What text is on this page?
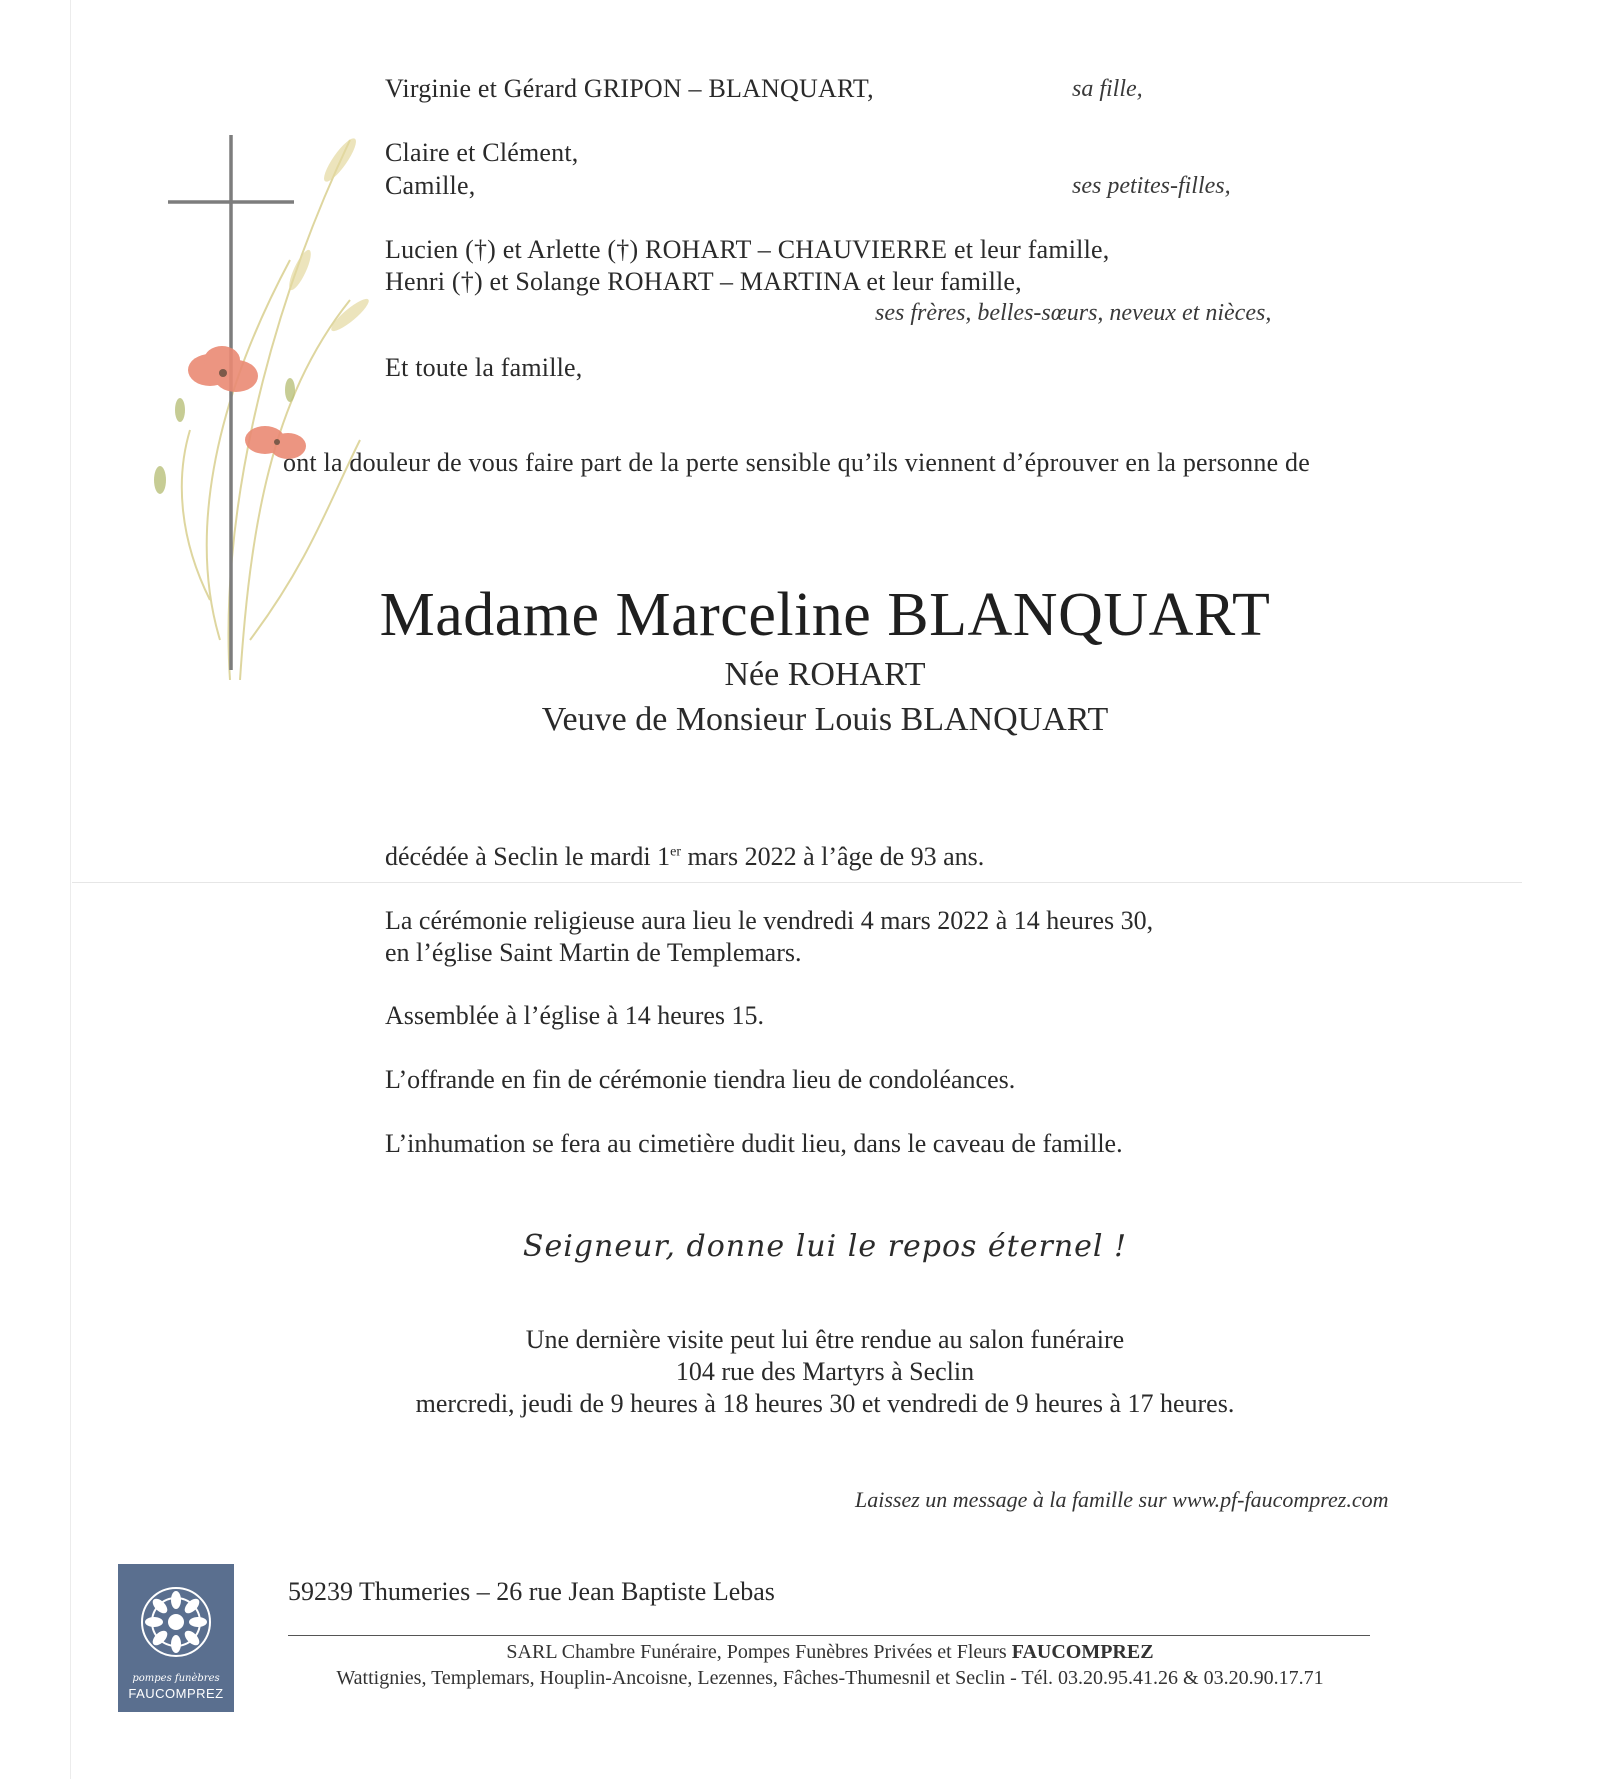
Virginie et Gérard GRIPON – BLANQUART,	sa fille,
Claire et Clément,
Camille,	ses petites-filles,
Lucien (†) et Arlette (†) ROHART – CHAUVIERRE et leur famille,
Henri (†) et Solange ROHART – MARTINA et leur famille,
ses frères, belles-sœurs, neveux et nièces,
Et toute la famille,
ont la douleur de vous faire part de la perte sensible qu’ils viennent d’éprouver en la personne de
Madame Marceline BLANQUART
Née ROHART
Veuve de Monsieur Louis BLANQUART
décédée à Seclin le mardi 1er mars 2022 à l’âge de 93 ans.
La cérémonie religieuse aura lieu le vendredi 4 mars 2022 à 14 heures 30,
en l’église Saint Martin de Templemars.
Assemblée à l’église à 14 heures 15.
L’offrande en fin de cérémonie tiendra lieu de condoléances.
L’inhumation se fera au cimetière dudit lieu, dans le caveau de famille.
Seigneur, donne lui le repos éternel !
Une dernière visite peut lui être rendue au salon funéraire
104 rue des Martyrs à Seclin
mercredi, jeudi de 9 heures à 18 heures 30 et vendredi de 9 heures à 17 heures.
Laissez un message à la famille sur www.pf-faucomprez.com
pompes funèbres
FAUCOMPREZ
59239 Thumeries – 26 rue Jean Baptiste Lebas
SARL Chambre Funéraire, Pompes Funèbres Privées et Fleurs FAUCOMPREZ
Wattignies, Templemars, Houplin-Ancoisne, Lezennes, Fâches-Thumesnil et Seclin - Tél. 03.20.95.41.26 & 03.20.90.17.71
